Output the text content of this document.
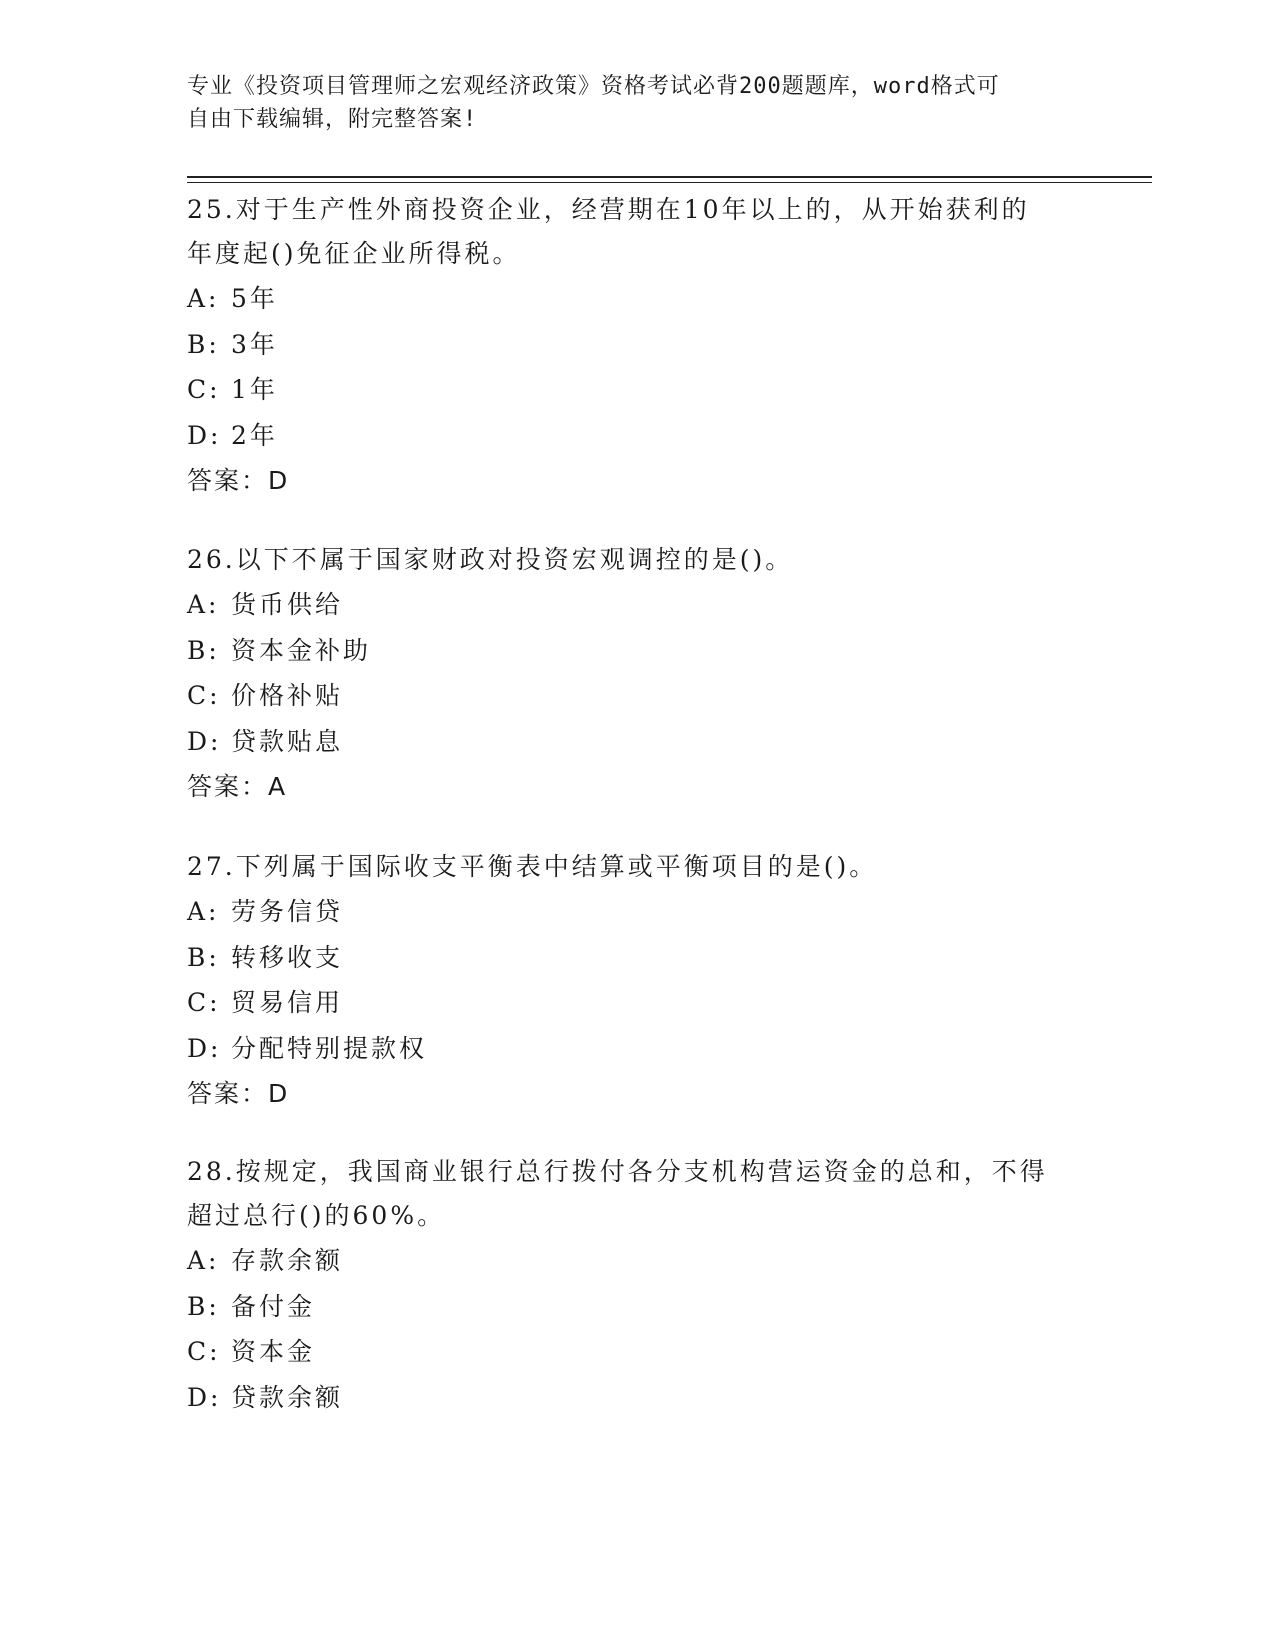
专业《投资项目管理师之宏观经济政策》资格考试必背200题题库，word格式可
自由下载编辑，附完整答案!

25.对于生产性外商投资企业，经营期在10年以上的，从开始获利的

年度起()免征企业所得税。

A: 5年

B: 3年

C: 1年

D: 2年

答案：D

26.以下不属于国家财政对投资宏观调控的是()。

A: 货币供给

B: 资本金补助

C: 价格补贴

D: 贷款贴息

答案：A

27.下列属于国际收支平衡表中结算或平衡项目的是()。

A: 劳务信贷

B: 转移收支

C: 贸易信用

D: 分配特别提款权

答案：D

28.按规定，我国商业银行总行拨付各分支机构营运资金的总和，不得

超过总行()的60%。

A: 存款余额

B: 备付金

C: 资本金

D: 贷款余额
